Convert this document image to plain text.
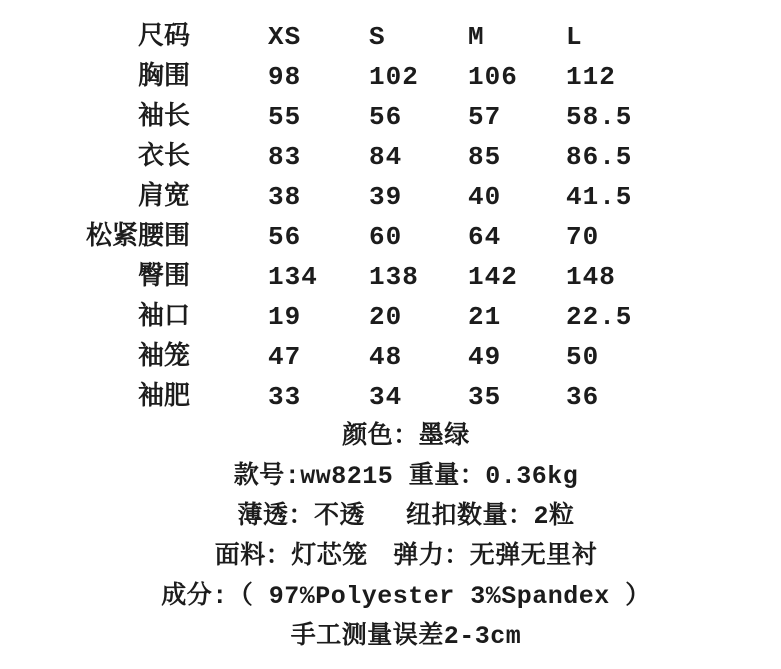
尺码	XS	S	M	L
胸围	98	102 106 112
袖长	55	56	57 58.5
衣长	83	84	85 86.5
肩宽	38	39	40 41.5
松紧腰围	56	60	64 70
臀围	134 138 142 148
袖口	19	20	21 22.5
袖笼	47	48	49 50
袖肥	33	34	35 36
颜色：墨绿
款号:ww8215 重量：0.36kg
薄透：不透　 纽扣数量：2粒
面料：灯芯笼　弹力：无弹无里衬
成分:（ 97%Polyester 3%Spandex ）
手工测量误差2-3cm
